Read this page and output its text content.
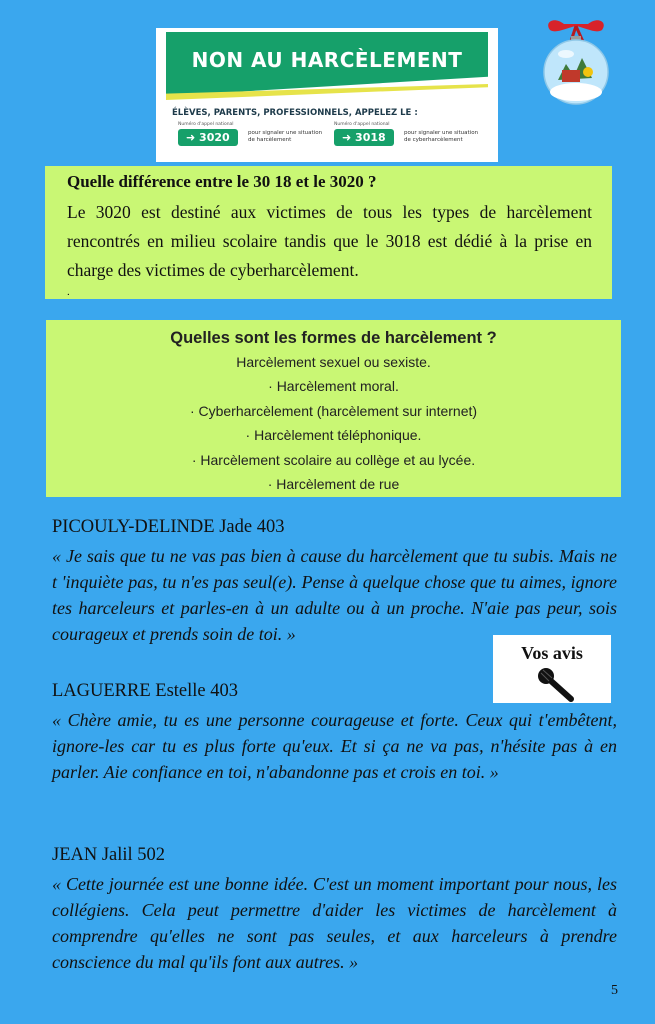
NON AU HARCÈLEMENT
ÉLÈVES, PARENTS, PROFESSIONNELS, APPELEZ LE :
Numéro d'appel national
➜ 3020	pour signaler une situation de harcèlement
Numéro d'appel national
➜ 3018	pour signaler une situation de cyberharcèlement
Quelle différence entre le 30 18 et le 3020 ?
Le 3020 est destiné aux victimes de tous les types de harcèlement rencontrés en milieu scolaire tandis que le 3018 est dédié à la prise en charge des victimes de cyberharcèlement.
.
Quelles sont les formes de harcèlement ?
Harcèlement sexuel ou sexiste.
· Harcèlement moral.
· Cyberharcèlement (harcèlement sur internet)
· Harcèlement téléphonique.
· Harcèlement scolaire au collège et au lycée.
· Harcèlement de rue
PICOULY-DELINDE Jade 403
« Je sais que tu ne vas pas bien à cause du harcèlement que tu subis. Mais ne t 'inquiète pas, tu n'es pas seul(e). Pense à quelque chose que tu aimes, ignore tes harceleurs et parles-en à un adulte ou à un proche. N'aie pas peur, sois courageux et prends soin de toi. »
Vos avis
LAGUERRE Estelle 403
« Chère amie, tu es une personne courageuse et forte. Ceux qui t'embêtent, ignore-les car tu es plus forte qu'eux. Et si ça ne va pas, n'hésite pas à en parler. Aie confiance en toi, n'abandonne pas et crois en toi. »
JEAN Jalil 502
« Cette journée est une bonne idée. C'est un moment important pour nous, les collégiens. Cela peut permettre d'aider les victimes de harcèlement à comprendre qu'elles ne sont pas seules, et aux harceleurs à prendre conscience du mal qu'ils font aux autres. »
5
